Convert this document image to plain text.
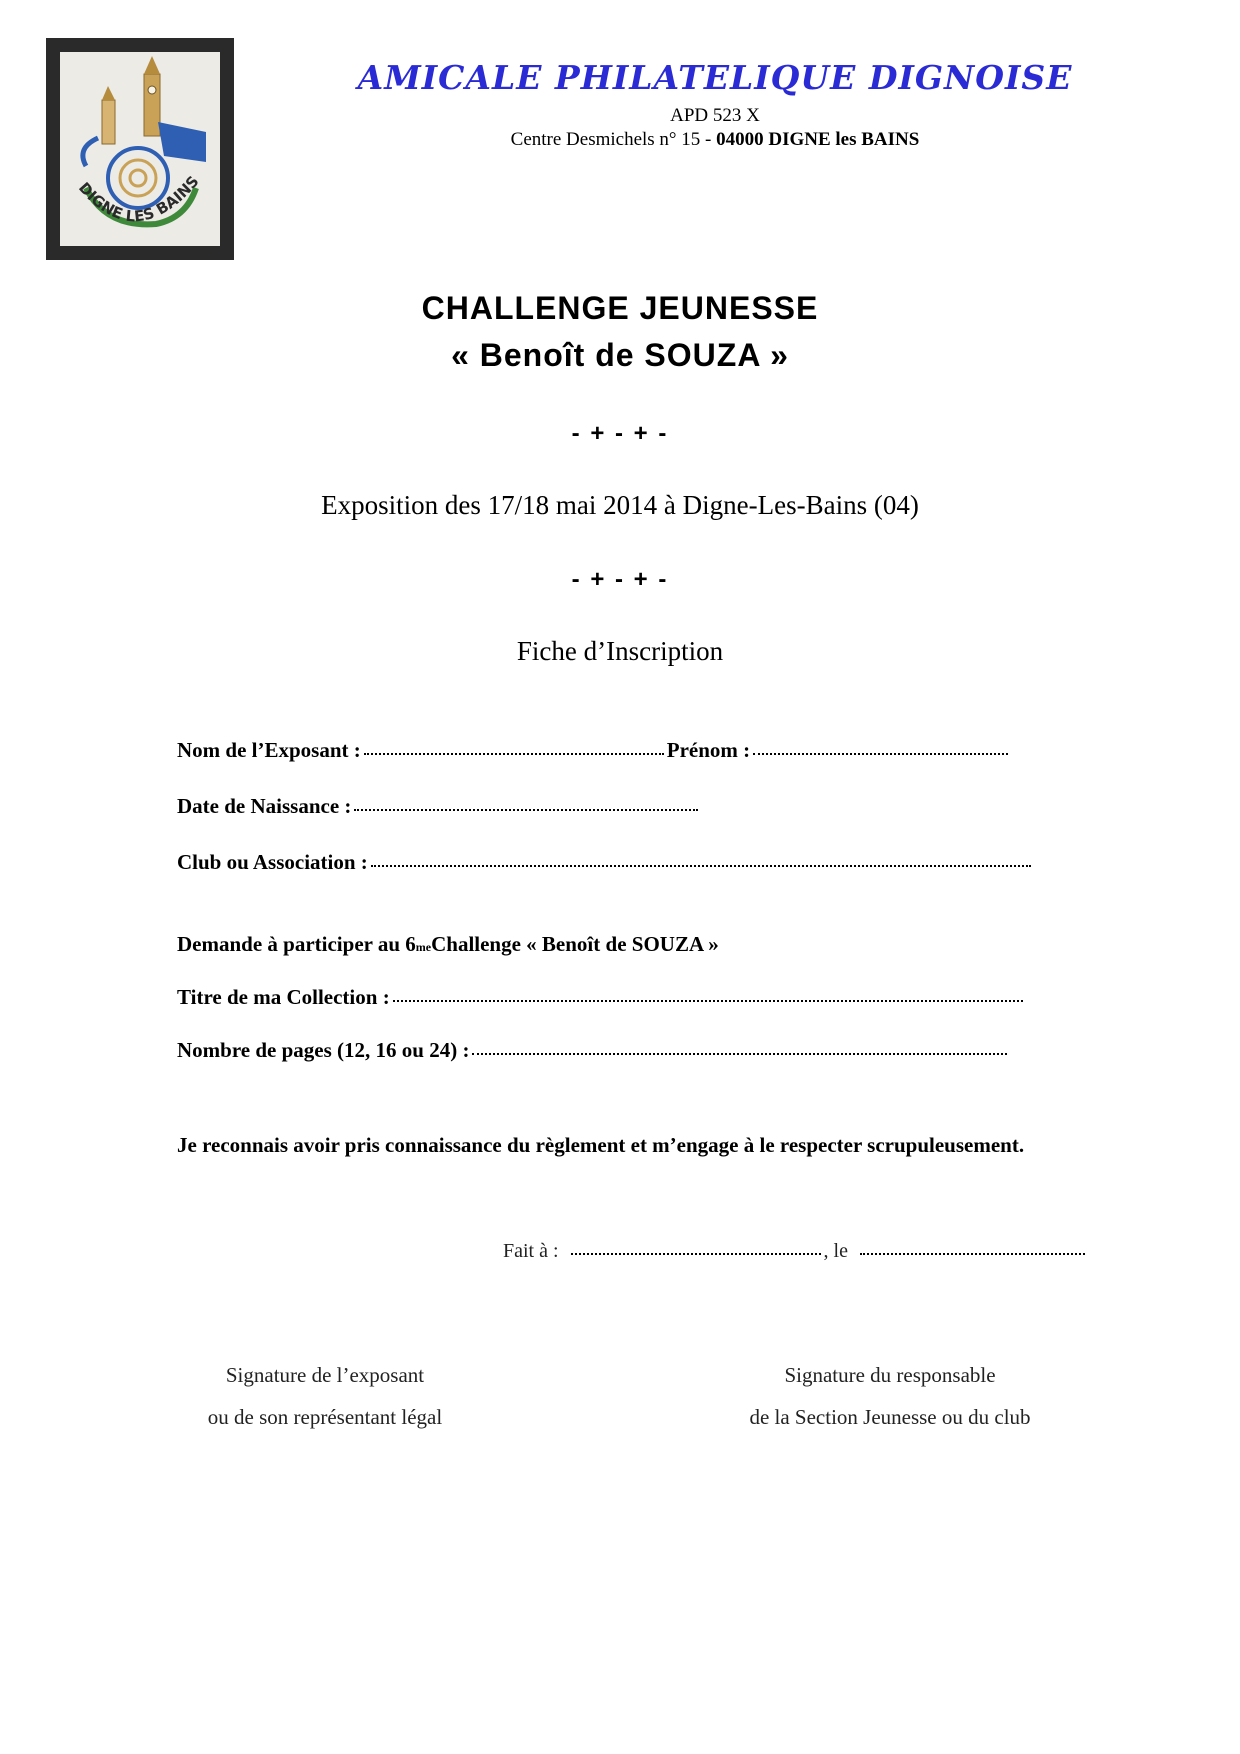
DIGNE LES BAINS
AMICALE PHILATELIQUE DIGNOISE
APD 523 X
Centre Desmichels n° 15 - 04000 DIGNE les BAINS
CHALLENGE JEUNESSE
« Benoît de SOUZA »
- + - + -
Exposition des 17/18 mai 2014 à Digne-Les-Bains (04)
- + - + -
Fiche d’Inscription
Nom de l’Exposant :	Prénom :
Date de Naissance :
Club ou Association :
Demande à participer au 6 me Challenge « Benoît de SOUZA »
Titre de ma Collection :
Nombre de pages (12, 16 ou 24) :
Je reconnais avoir pris connaissance du règlement et m’engage à le respecter scrupuleusement.
Fait à :	, le
Signature de l’exposant
ou de son représentant légal
Signature du responsable
de la Section Jeunesse ou du club
